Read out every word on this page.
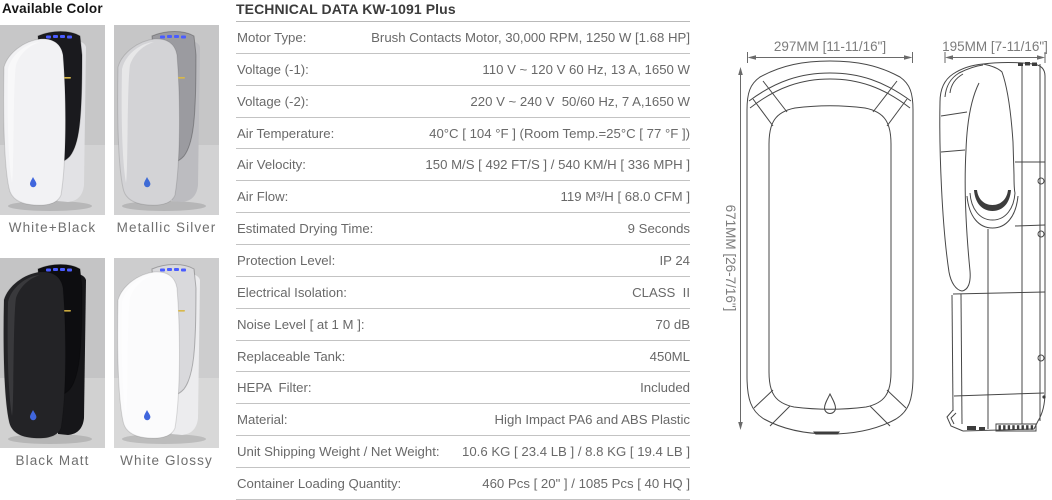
Available Color
White+Black	Metallic Silver
Black Matt	White Glossy
TECHNICAL DATA KW-1091 Plus
Motor Type:	Brush Contacts Motor, 30,000 RPM, 1250 W [1.68 HP]
Voltage (-1):	110 V ~ 120 V 60 Hz, 13 A, 1650 W
Voltage (-2):	220 V ~ 240 V  50/60 Hz, 7 A,1650 W
Air Temperature:	40°C [ 104 °F ] (Room Temp.=25°C [ 77 °F ])
Air Velocity:	150 M/S [ 492 FT/S ] / 540 KM/H [ 336 MPH ]
Air Flow:	119 M³/H [ 68.0 CFM ]
Estimated Drying Time:	9 Seconds
Protection Level:	IP 24
Electrical Isolation:	CLASS  II
Noise Level [ at 1 M ]:	70 dB
Replaceable Tank:	450ML
HEPA  Filter:	Included
Material:	High Impact PA6 and ABS Plastic
Unit Shipping Weight / Net Weight: 10.6 KG [ 23.4 LB ] / 8.8 KG [ 19.4 LB ]
Container Loading Quantity:	460 Pcs [ 20" ] / 1085 Pcs [ 40 HQ ]
297MM [11-11/16"]	195MM [7-11/16"]
671MM [26-7/16"]
